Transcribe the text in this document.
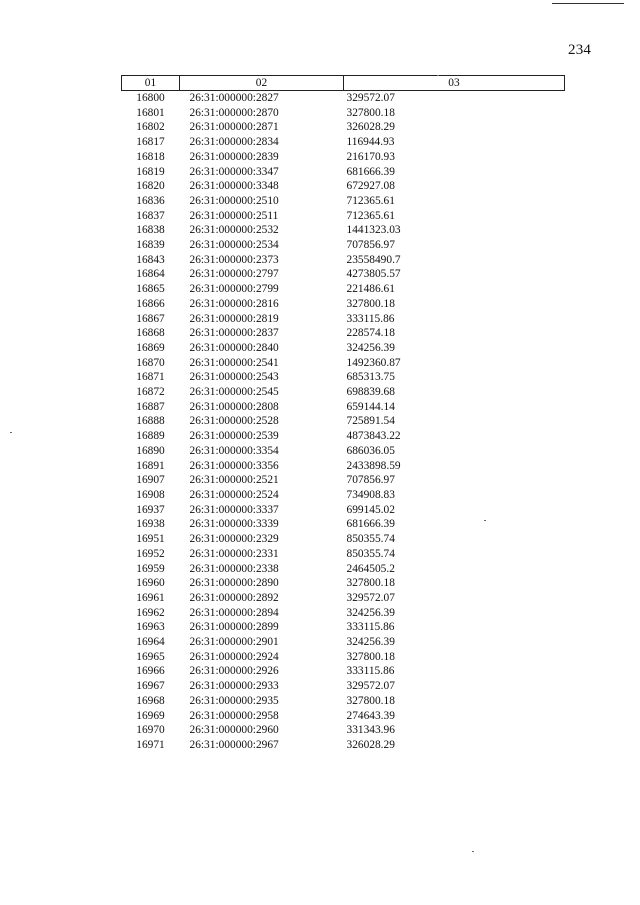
234
01	02	03
16800	26:31:000000:2827	329572.07
16801	26:31:000000:2870	327800.18
16802	26:31:000000:2871	326028.29
16817	26:31:000000:2834	116944.93
16818	26:31:000000:2839	216170.93
16819	26:31:000000:3347	681666.39
16820	26:31:000000:3348	672927.08
16836	26:31:000000:2510	712365.61
16837	26:31:000000:2511	712365.61
16838	26:31:000000:2532	1441323.03
16839	26:31:000000:2534	707856.97
16843	26:31:000000:2373	23558490.7
16864	26:31:000000:2797	4273805.57
16865	26:31:000000:2799	221486.61
16866	26:31:000000:2816	327800.18
16867	26:31:000000:2819	333115.86
16868	26:31:000000:2837	228574.18
16869	26:31:000000:2840	324256.39
16870	26:31:000000:2541	1492360.87
16871	26:31:000000:2543	685313.75
16872	26:31:000000:2545	698839.68
16887	26:31:000000:2808	659144.14
16888	26:31:000000:2528	725891.54
16889	26:31:000000:2539	4873843.22
16890	26:31:000000:3354	686036.05
16891	26:31:000000:3356	2433898.59
16907	26:31:000000:2521	707856.97
16908	26:31:000000:2524	734908.83
16937	26:31:000000:3337	699145.02
16938	26:31:000000:3339	681666.39
16951	26:31:000000:2329	850355.74
16952	26:31:000000:2331	850355.74
16959	26:31:000000:2338	2464505.2
16960	26:31:000000:2890	327800.18
16961	26:31:000000:2892	329572.07
16962	26:31:000000:2894	324256.39
16963	26:31:000000:2899	333115.86
16964	26:31:000000:2901	324256.39
16965	26:31:000000:2924	327800.18
16966	26:31:000000:2926	333115.86
16967	26:31:000000:2933	329572.07
16968	26:31:000000:2935	327800.18
16969	26:31:000000:2958	274643.39
16970	26:31:000000:2960	331343.96
16971	26:31:000000:2967	326028.29
